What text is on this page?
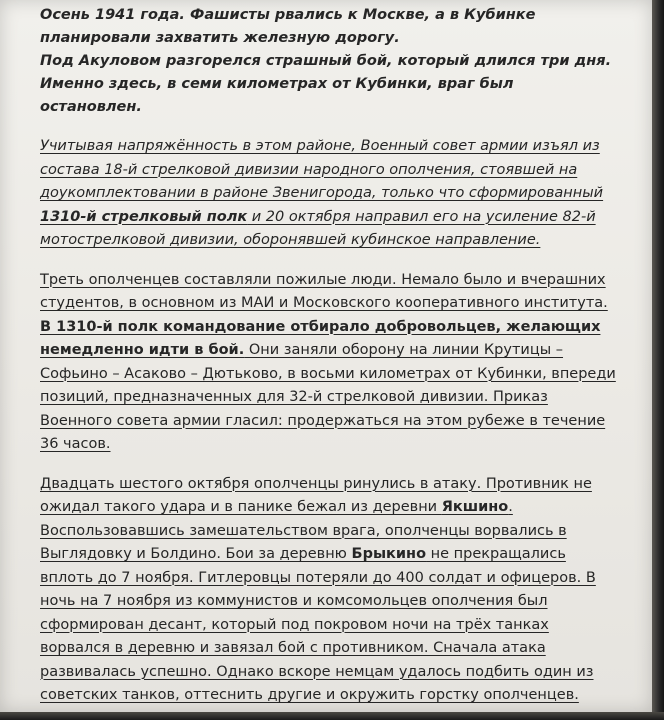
Осень 1941 года. Фашисты рвались к Москве, а в Кубинке планировали захватить железную дорогу.

Под Акуловом разгорелся страшный бой, который длился три дня. Именно здесь, в семи километрах от Кубинки, враг был остановлен.

Учитывая напряжённость в этом районе, Военный совет армии изъял из состава 18-й стрелковой дивизии народного ополчения, стоявшей на доукомплектовании в районе Звенигорода, только что сформированный 1310-й стрелковый полк и 20 октября направил его на усиление 82-й мотострелковой дивизии, оборонявшей кубинское направление.

Треть ополченцев составляли пожилые люди. Немало было и вчерашних студентов, в основном из МАИ и Московского кооперативного института. В 1310-й полк командование отбирало добровольцев, желающих немедленно идти в бой. Они заняли оборону на линии Крутицы – Софьино – Асаково – Дютьково, в восьми километрах от Кубинки, впереди позиций, предназначенных для 32-й стрелковой дивизии. Приказ Военного совета армии гласил: продержаться на этом рубеже в течение 36 часов.

Двадцать шестого октября ополченцы ринулись в атаку. Противник не ожидал такого удара и в панике бежал из деревни Якшино. Воспользовавшись замешательством врага, ополченцы ворвались в Выглядовку и Болдино. Бои за деревню Брыкино не прекращались вплоть до 7 ноября. Гитлеровцы потеряли до 400 солдат и офицеров. В ночь на 7 ноября из коммунистов и комсомольцев ополчения был сформирован десант, который под покровом ночи на трёх танках ворвался в деревню и завязал бой с противником. Сначала атака развивалась успешно. Однако вскоре немцам удалось подбить один из советских танков, оттеснить другие и окружить горстку ополченцев.
